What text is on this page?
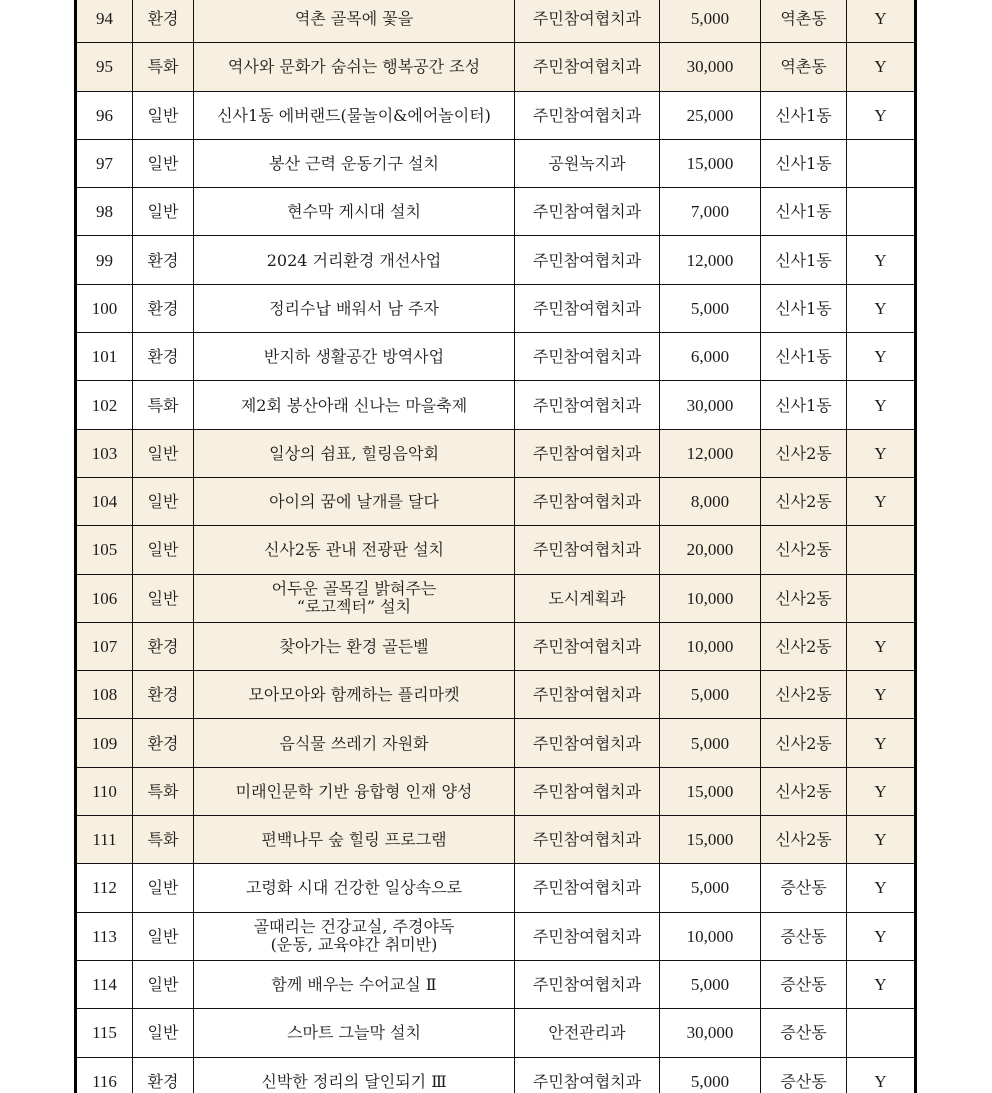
94	환경	역촌 골목에 꽃을	주민참여협치과	5,000	역촌동	Y
95	특화	역사와 문화가 숨쉬는 행복공간 조성	주민참여협치과	30,000	역촌동	Y
96	일반	신사1동 에버랜드(물놀이&에어놀이터)	주민참여협치과	25,000	신사1동	Y
97	일반	봉산 근력 운동기구 설치	공원녹지과	15,000	신사1동	
98	일반	현수막 게시대 설치	주민참여협치과	7,000	신사1동	
99	환경	2024 거리환경 개선사업	주민참여협치과	12,000	신사1동	Y
100	환경	정리수납 배워서 남 주자	주민참여협치과	5,000	신사1동	Y
101	환경	반지하 생활공간 방역사업	주민참여협치과	6,000	신사1동	Y
102	특화	제2회 봉산아래 신나는 마을축제	주민참여협치과	30,000	신사1동	Y
103	일반	일상의 쉼표, 힐링음악회	주민참여협치과	12,000	신사2동	Y
104	일반	아이의 꿈에 날개를 달다	주민참여협치과	8,000	신사2동	Y
105	일반	신사2동 관내 전광판 설치	주민참여협치과	20,000	신사2동	
106	일반	어두운 골목길 밝혀주는
“로고젝터” 설치	도시계획과	10,000	신사2동	
107	환경	찾아가는 환경 골든벨	주민참여협치과	10,000	신사2동	Y
108	환경	모아모아와 함께하는 플리마켓	주민참여협치과	5,000	신사2동	Y
109	환경	음식물 쓰레기 자원화	주민참여협치과	5,000	신사2동	Y
110	특화	미래인문학 기반 융합형 인재 양성	주민참여협치과	15,000	신사2동	Y
111	특화	편백나무 숲 힐링 프로그램	주민참여협치과	15,000	신사2동	Y
112	일반	고령화 시대 건강한 일상속으로	주민참여협치과	5,000	증산동	Y
113	일반	골때리는 건강교실, 주경야독
(운동, 교육야간 취미반)	주민참여협치과	10,000	증산동	Y
114	일반	함께 배우는 수어교실 Ⅱ	주민참여협치과	5,000	증산동	Y
115	일반	스마트 그늘막 설치	안전관리과	30,000	증산동	
116	환경	신박한 정리의 달인되기 Ⅲ	주민참여협치과	5,000	증산동	Y
